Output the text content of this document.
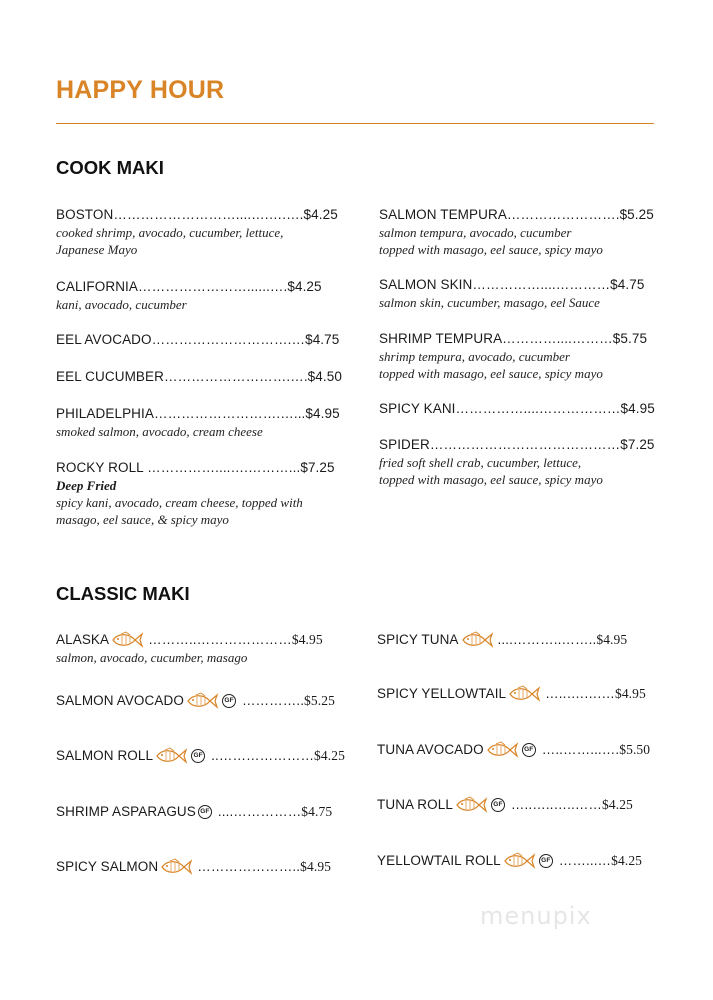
HAPPY HOUR
COOK MAKI
BOSTON………………………....….….….$4.25
cooked shrimp, avocado, cucumber, lettuce,
Japanese Mayo
CALIFORNIA……………………......….$4.25
kani, avocado, cucumber
EEL AVOCADO………………………….…$4.75
EEL CUCUMBER……………………….….$4.50
PHILADELPHIA……………………….…...$4.95
smoked salmon, avocado, cream cheese
ROCKY ROLL ……………....….………...$7.25
Deep Fried
spicy kani, avocado, cream cheese, topped with
masago, eel sauce, & spicy mayo
SALMON TEMPURA…………………….$5.25
salmon tempura, avocado, cucumber
topped with masago, eel sauce, spicy mayo
SALMON SKIN……………....…………$4.75
salmon skin, cucumber, masago, eel Sauce
SHRIMP TEMPURA…………....………$5.75
shrimp tempura, avocado, cucumber
topped with masago, eel sauce, spicy mayo
SPICY KANI……………....………………$4.95
SPIDER……………………………………$7.25
fried soft shell crab, cucumber, lettuce,
topped with masago, eel sauce, spicy mayo
CLASSIC MAKI
ALASKA	………..………………… $4.95
salmon, avocado, cucumber, masago
SALMON AVOCADO	GF ………….. $5.25
SALMON ROLL	GF ..………………… $4.25
SHRIMP ASPARAGUS GF ....…………… $4.75
SPICY SALMON	………………….. $4.95
SPICY TUNA	....………..…….. $4.95
SPICY YELLOWTAIL	…..….….… $4.95
TUNA AVOCADO	GF …..……...…. $5.50
TUNA ROLL	GF …..…..…..…… $4.25
YELLOWTAIL ROLL	GF ……...… $4.25
menupix
